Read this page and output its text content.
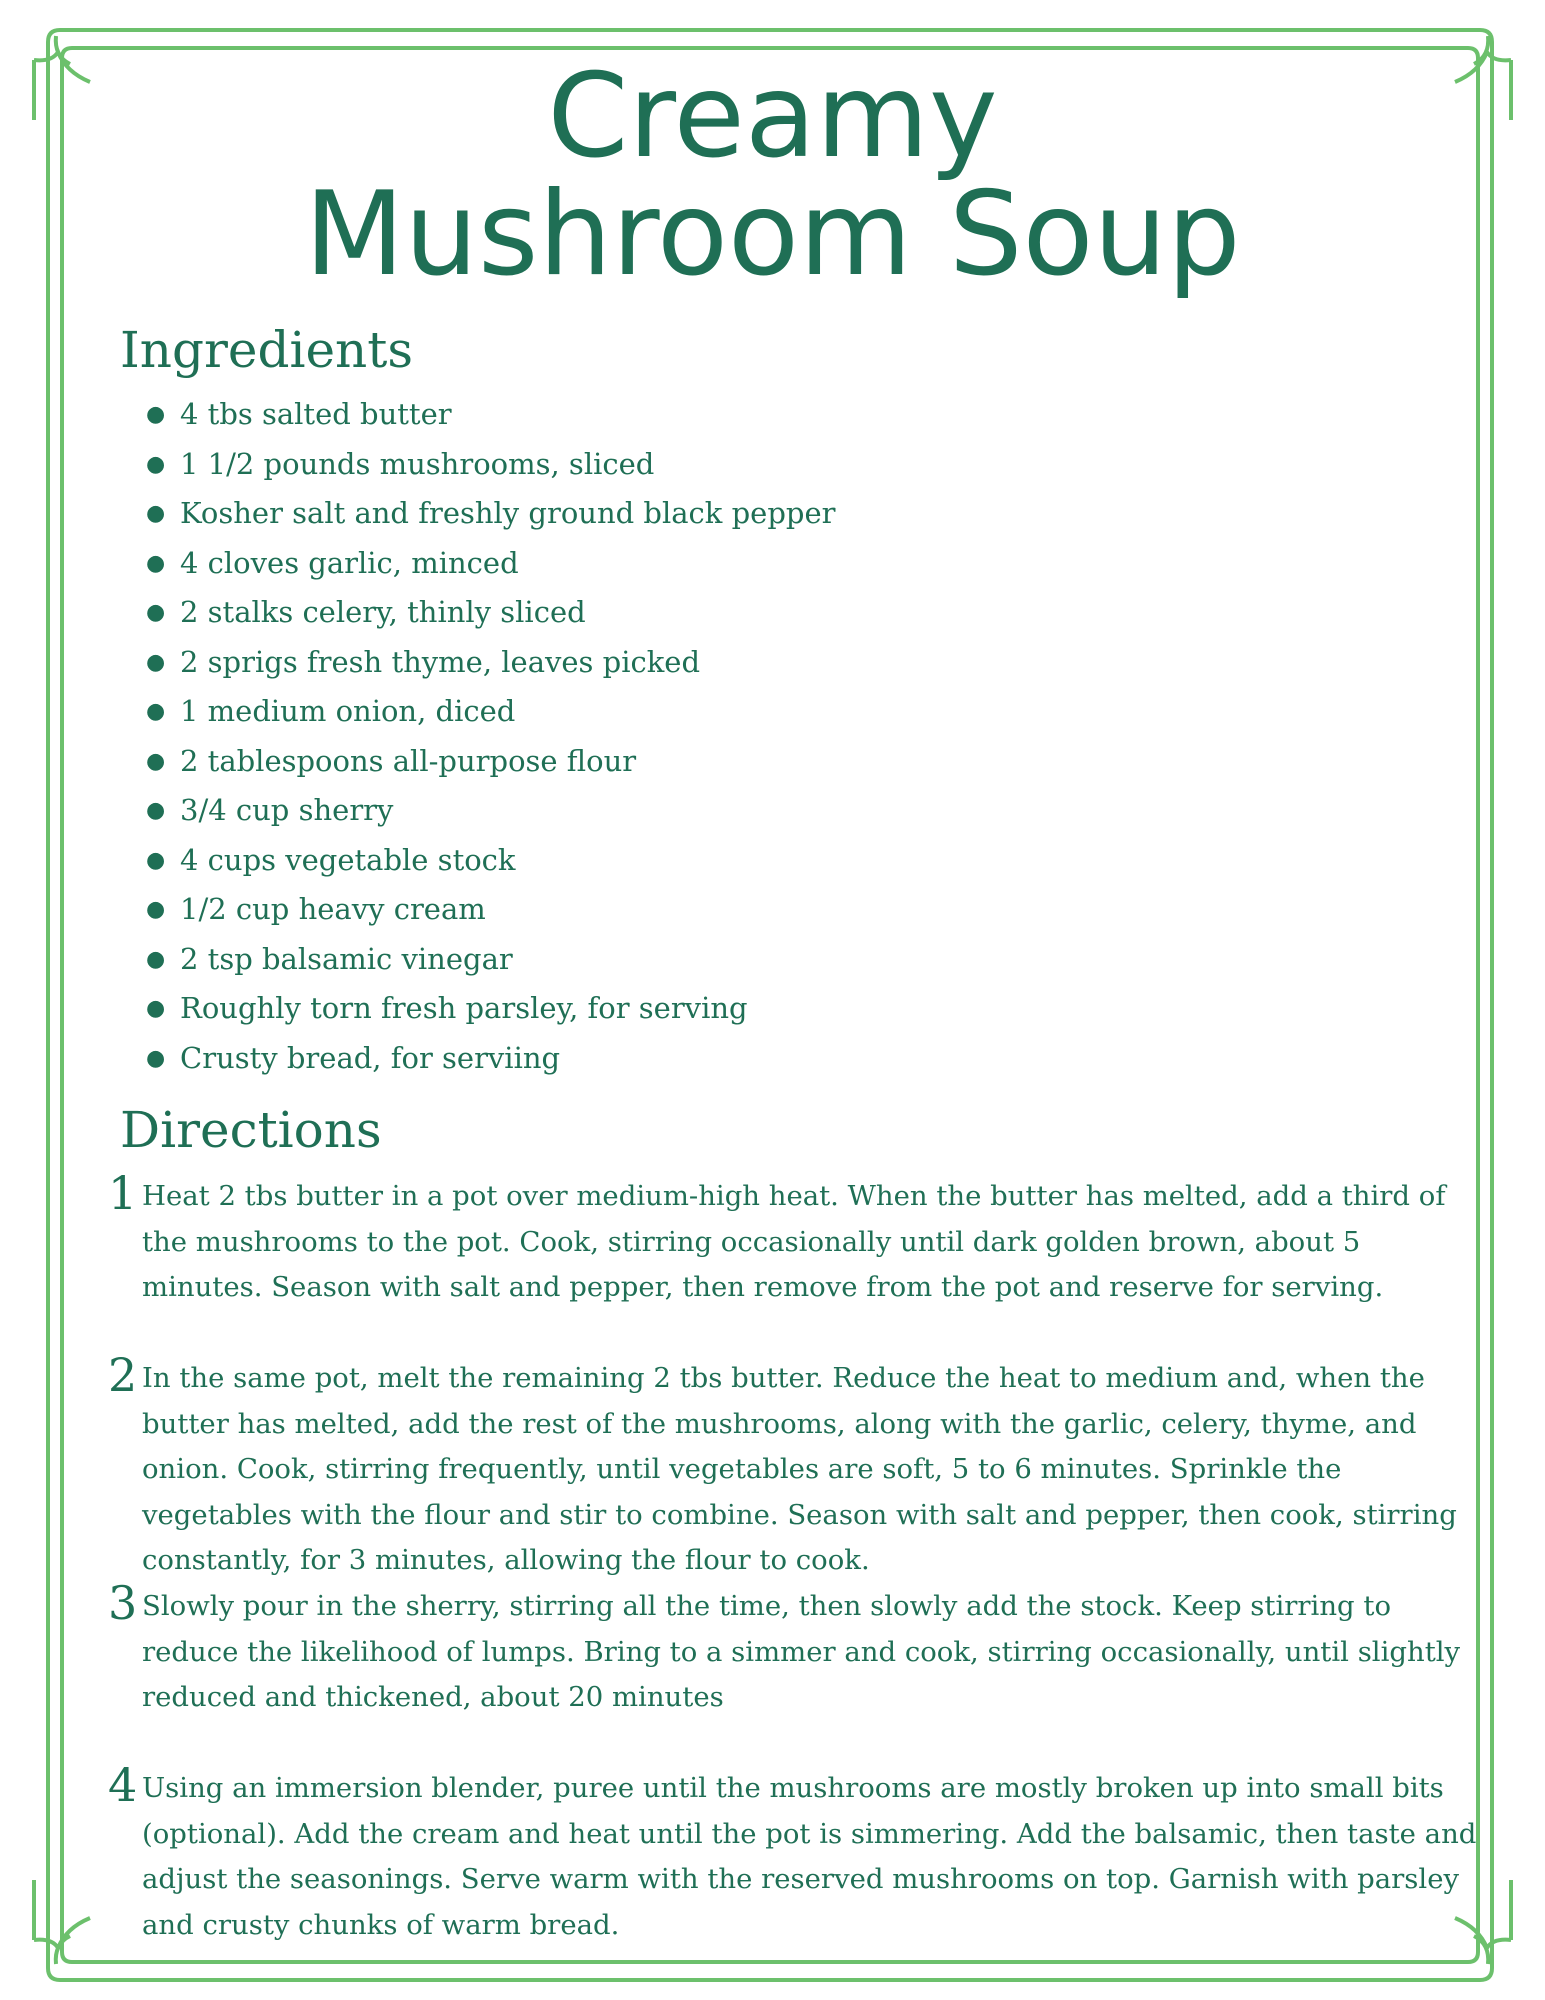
Creamy
Mushroom Soup
Ingredients
● 4 tbs salted butter
● 1 1/2 pounds mushrooms, sliced
● Kosher salt and freshly ground black pepper
● 4 cloves garlic, minced
● 2 stalks celery, thinly sliced
● 2 sprigs fresh thyme, leaves picked
● 1 medium onion, diced
● 2 tablespoons all-purpose flour
● 3/4 cup sherry
● 4 cups vegetable stock
● 1/2 cup heavy cream
● 2 tsp balsamic vinegar
● Roughly torn fresh parsley, for serving
● Crusty bread, for serviing
Directions
1 Heat 2 tbs butter in a pot over medium-high heat. When the butter has melted, add a third of the mushrooms to the pot. Cook, stirring occasionally until dark golden brown, about 5 minutes. Season with salt and pepper, then remove from the pot and reserve for serving.
2 In the same pot, melt the remaining 2 tbs butter. Reduce the heat to medium and, when the butter has melted, add the rest of the mushrooms, along with the garlic, celery, thyme, and onion. Cook, stirring frequently, until vegetables are soft, 5 to 6 minutes. Sprinkle the vegetables with the flour and stir to combine. Season with salt and pepper, then cook, stirring constantly, for 3 minutes, allowing the flour to cook.
3 Slowly pour in the sherry, stirring all the time, then slowly add the stock. Keep stirring to reduce the likelihood of lumps. Bring to a simmer and cook, stirring occasionally, until slightly reduced and thickened, about 20 minutes
4 Using an immersion blender, puree until the mushrooms are mostly broken up into small bits (optional). Add the cream and heat until the pot is simmering. Add the balsamic, then taste and adjust the seasonings. Serve warm with the reserved mushrooms on top. Garnish with parsley and crusty chunks of warm bread.
